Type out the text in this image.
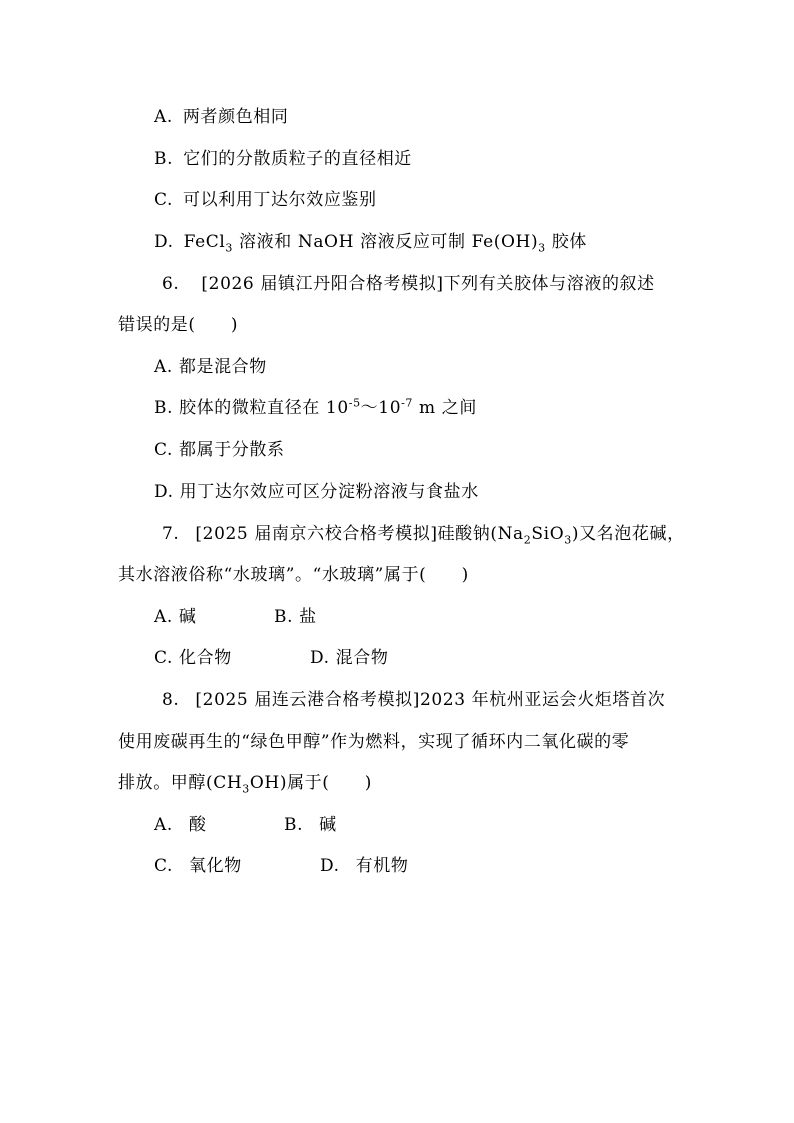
A. 两者颜色相同
B. 它们的分散质粒子的直径相近
C. 可以利用丁达尔效应鉴别
D. FeCl$_3$ 溶液和 NaOH 溶液反应可制 $Fe(OH)_3$ 胶体
6. [2026 届镇江丹阳合格考模拟]下列有关胶体与溶液的叙述
错误的是(　　)
A. 都是混合物
B. 胶体的微粒直径在 $10^{-5}\sim 10^{-7}$ m 之间
C. 都属于分散系
D. 用丁达尔效应可区分淀粉溶液与食盐水
7. [2025 届南京六校合格考模拟]硅酸钠$(Na_2SiO_3)$又名泡花碱，
其水溶液俗称“水玻璃”。“水玻璃”属于(　　)
A. 碱	B. 盐
C. 化合物	D. 混合物
8. [2025 届连云港合格考模拟]2023 年杭州亚运会火炬塔首次
使用废碳再生的“绿色甲醇”作为燃料，实现了循环内二氧化碳的零
排放。甲醇$(CH_3OH)$属于(　　)
A. 酸	B. 碱
C. 氧化物	D. 有机物
